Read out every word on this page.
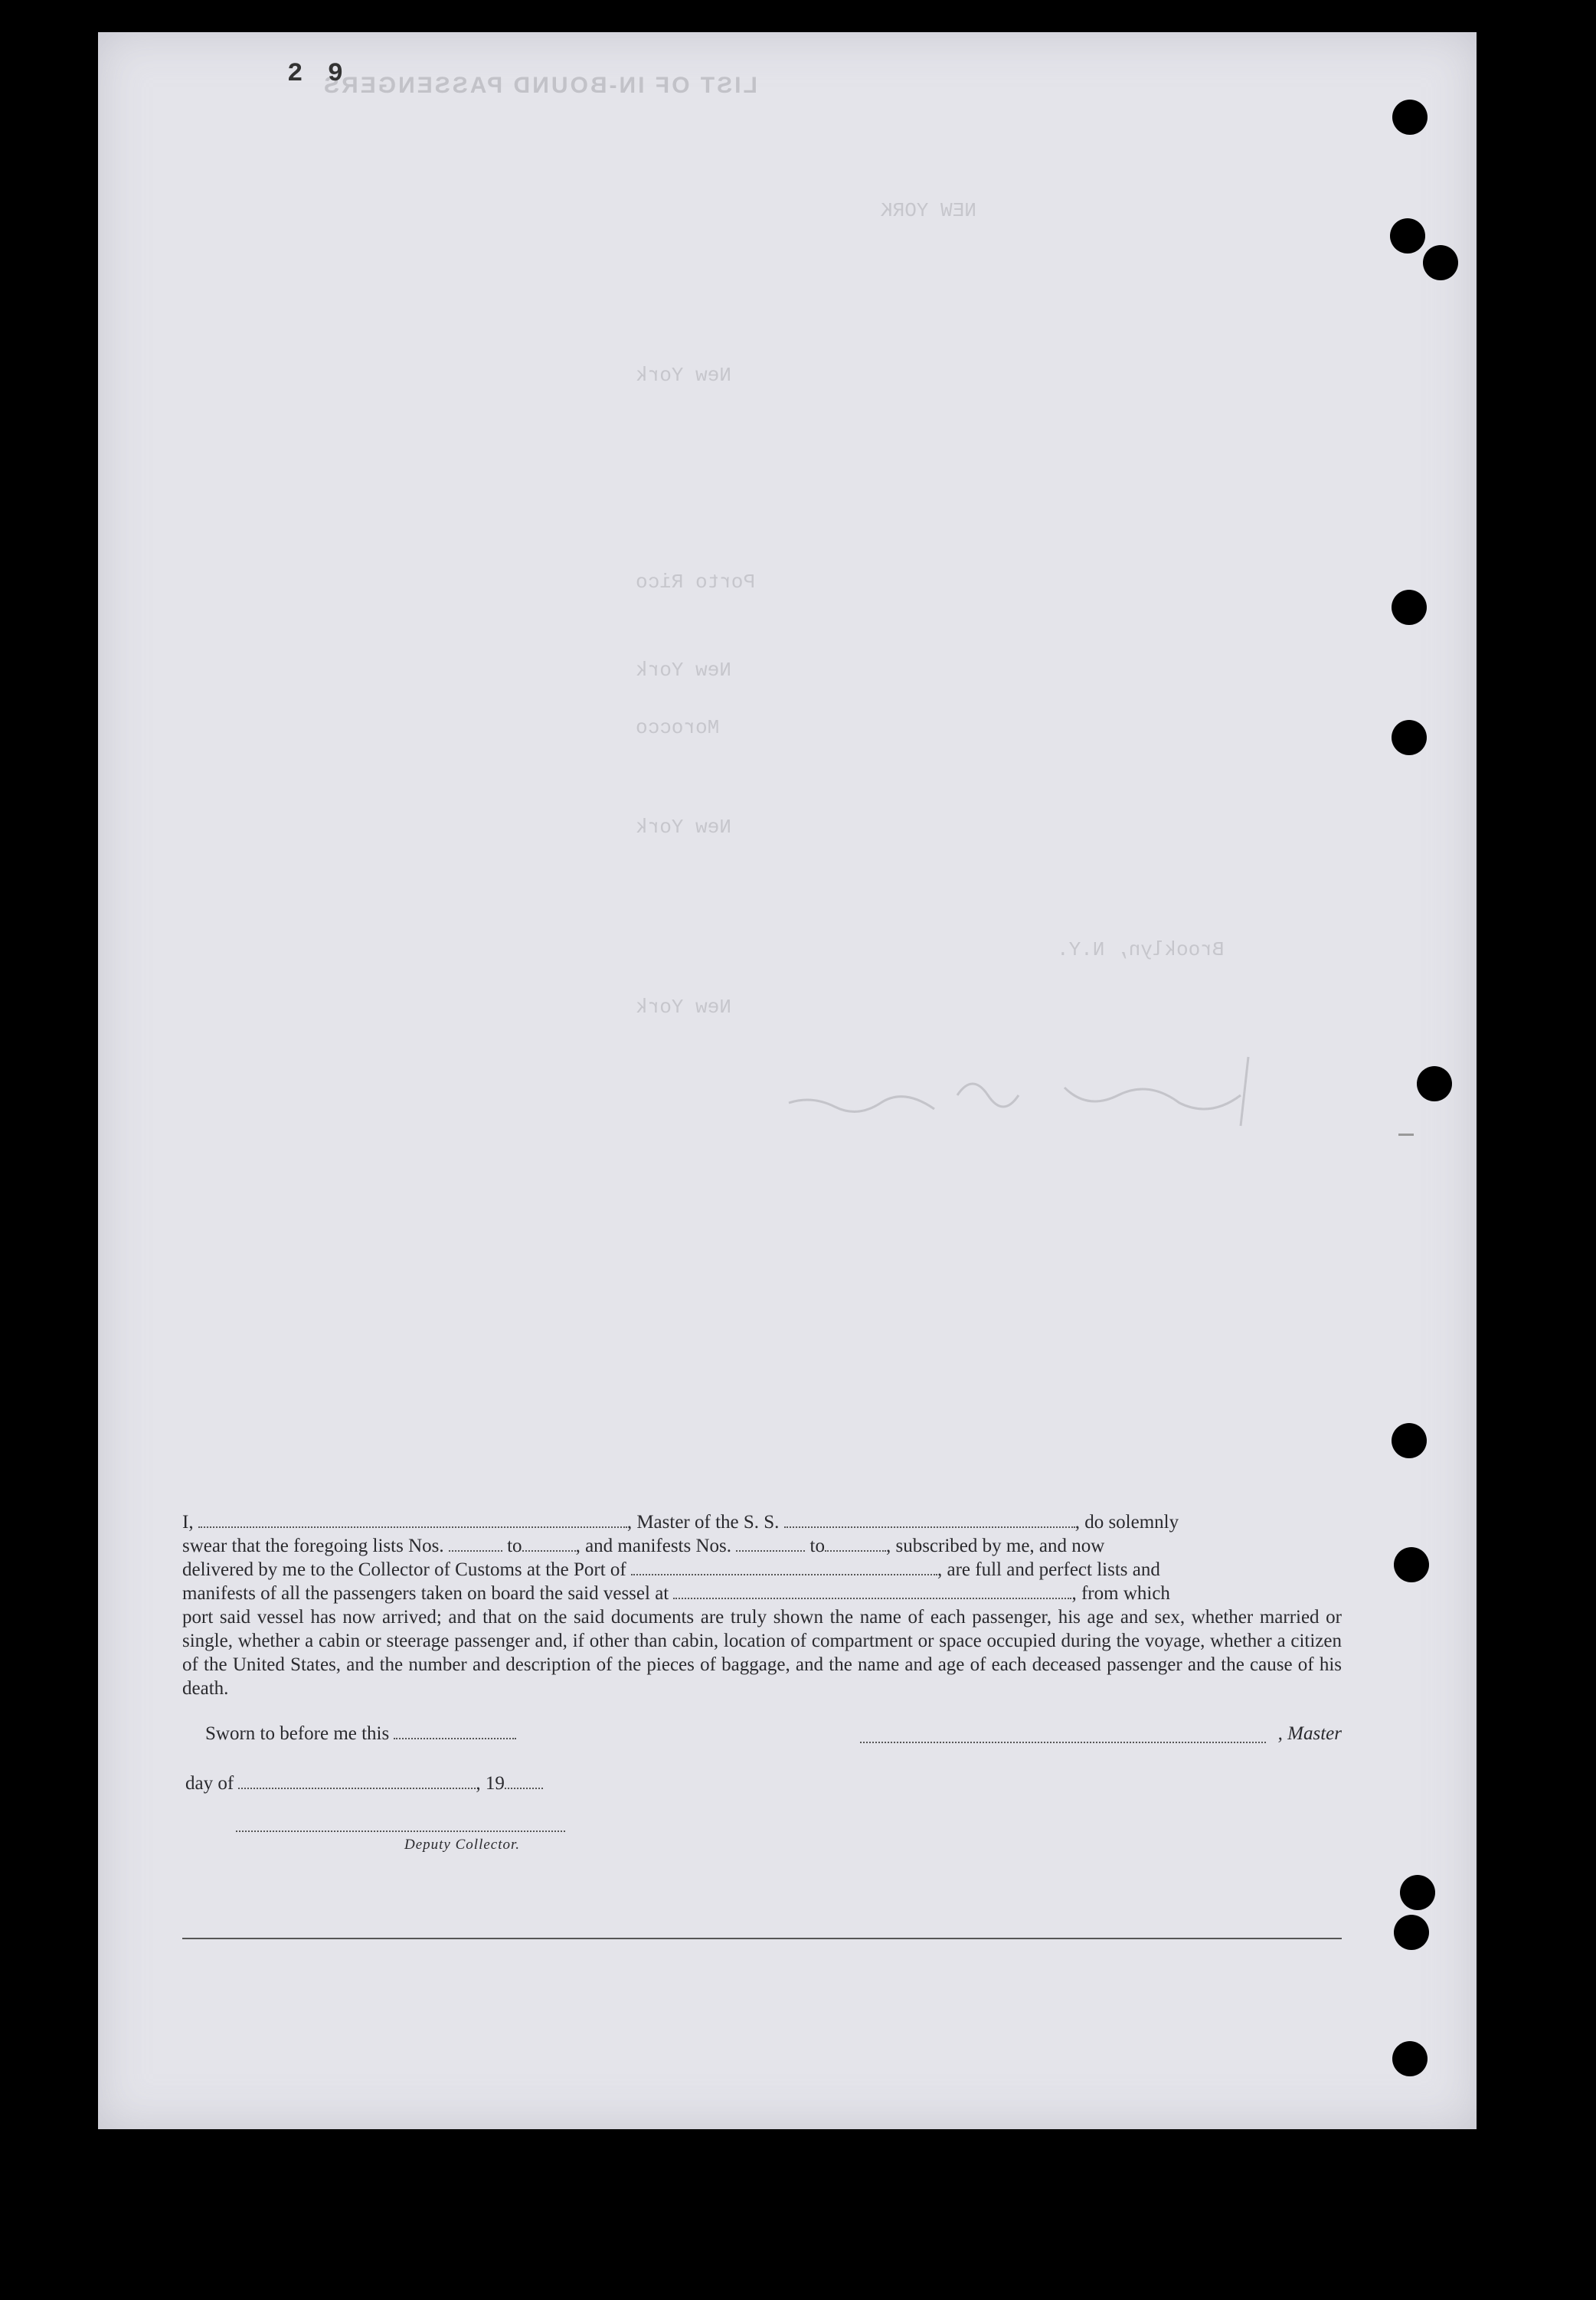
LIST OF IN-BOUND PASSENGERS
NEW YORK
New York
Porto Rico
New York
Morocco
New York
New York
Brooklyn, N.Y.
2 9

I,	, Master of the S. S.	, do solemnly

swear that the foregoing lists Nos.	to	, and manifests Nos.	to	, subscribed by me, and now

delivered by me to the Collector of Customs at the Port of	, are full and perfect lists and

manifests of all the passengers taken on board the said vessel at	, from which

port said vessel has now arrived; and that on the said documents are truly shown the name of each passenger, his age and sex, whether married or single, whether a cabin or steerage passenger and, if other than cabin, location of compartment or space occupied during the voyage, whether a citizen of the United States, and the number and description of the pieces of baggage, and the name and age of each deceased passenger and the cause of his death.

Sworn to before me this	, Master
day of	, 19
Deputy Collector.
